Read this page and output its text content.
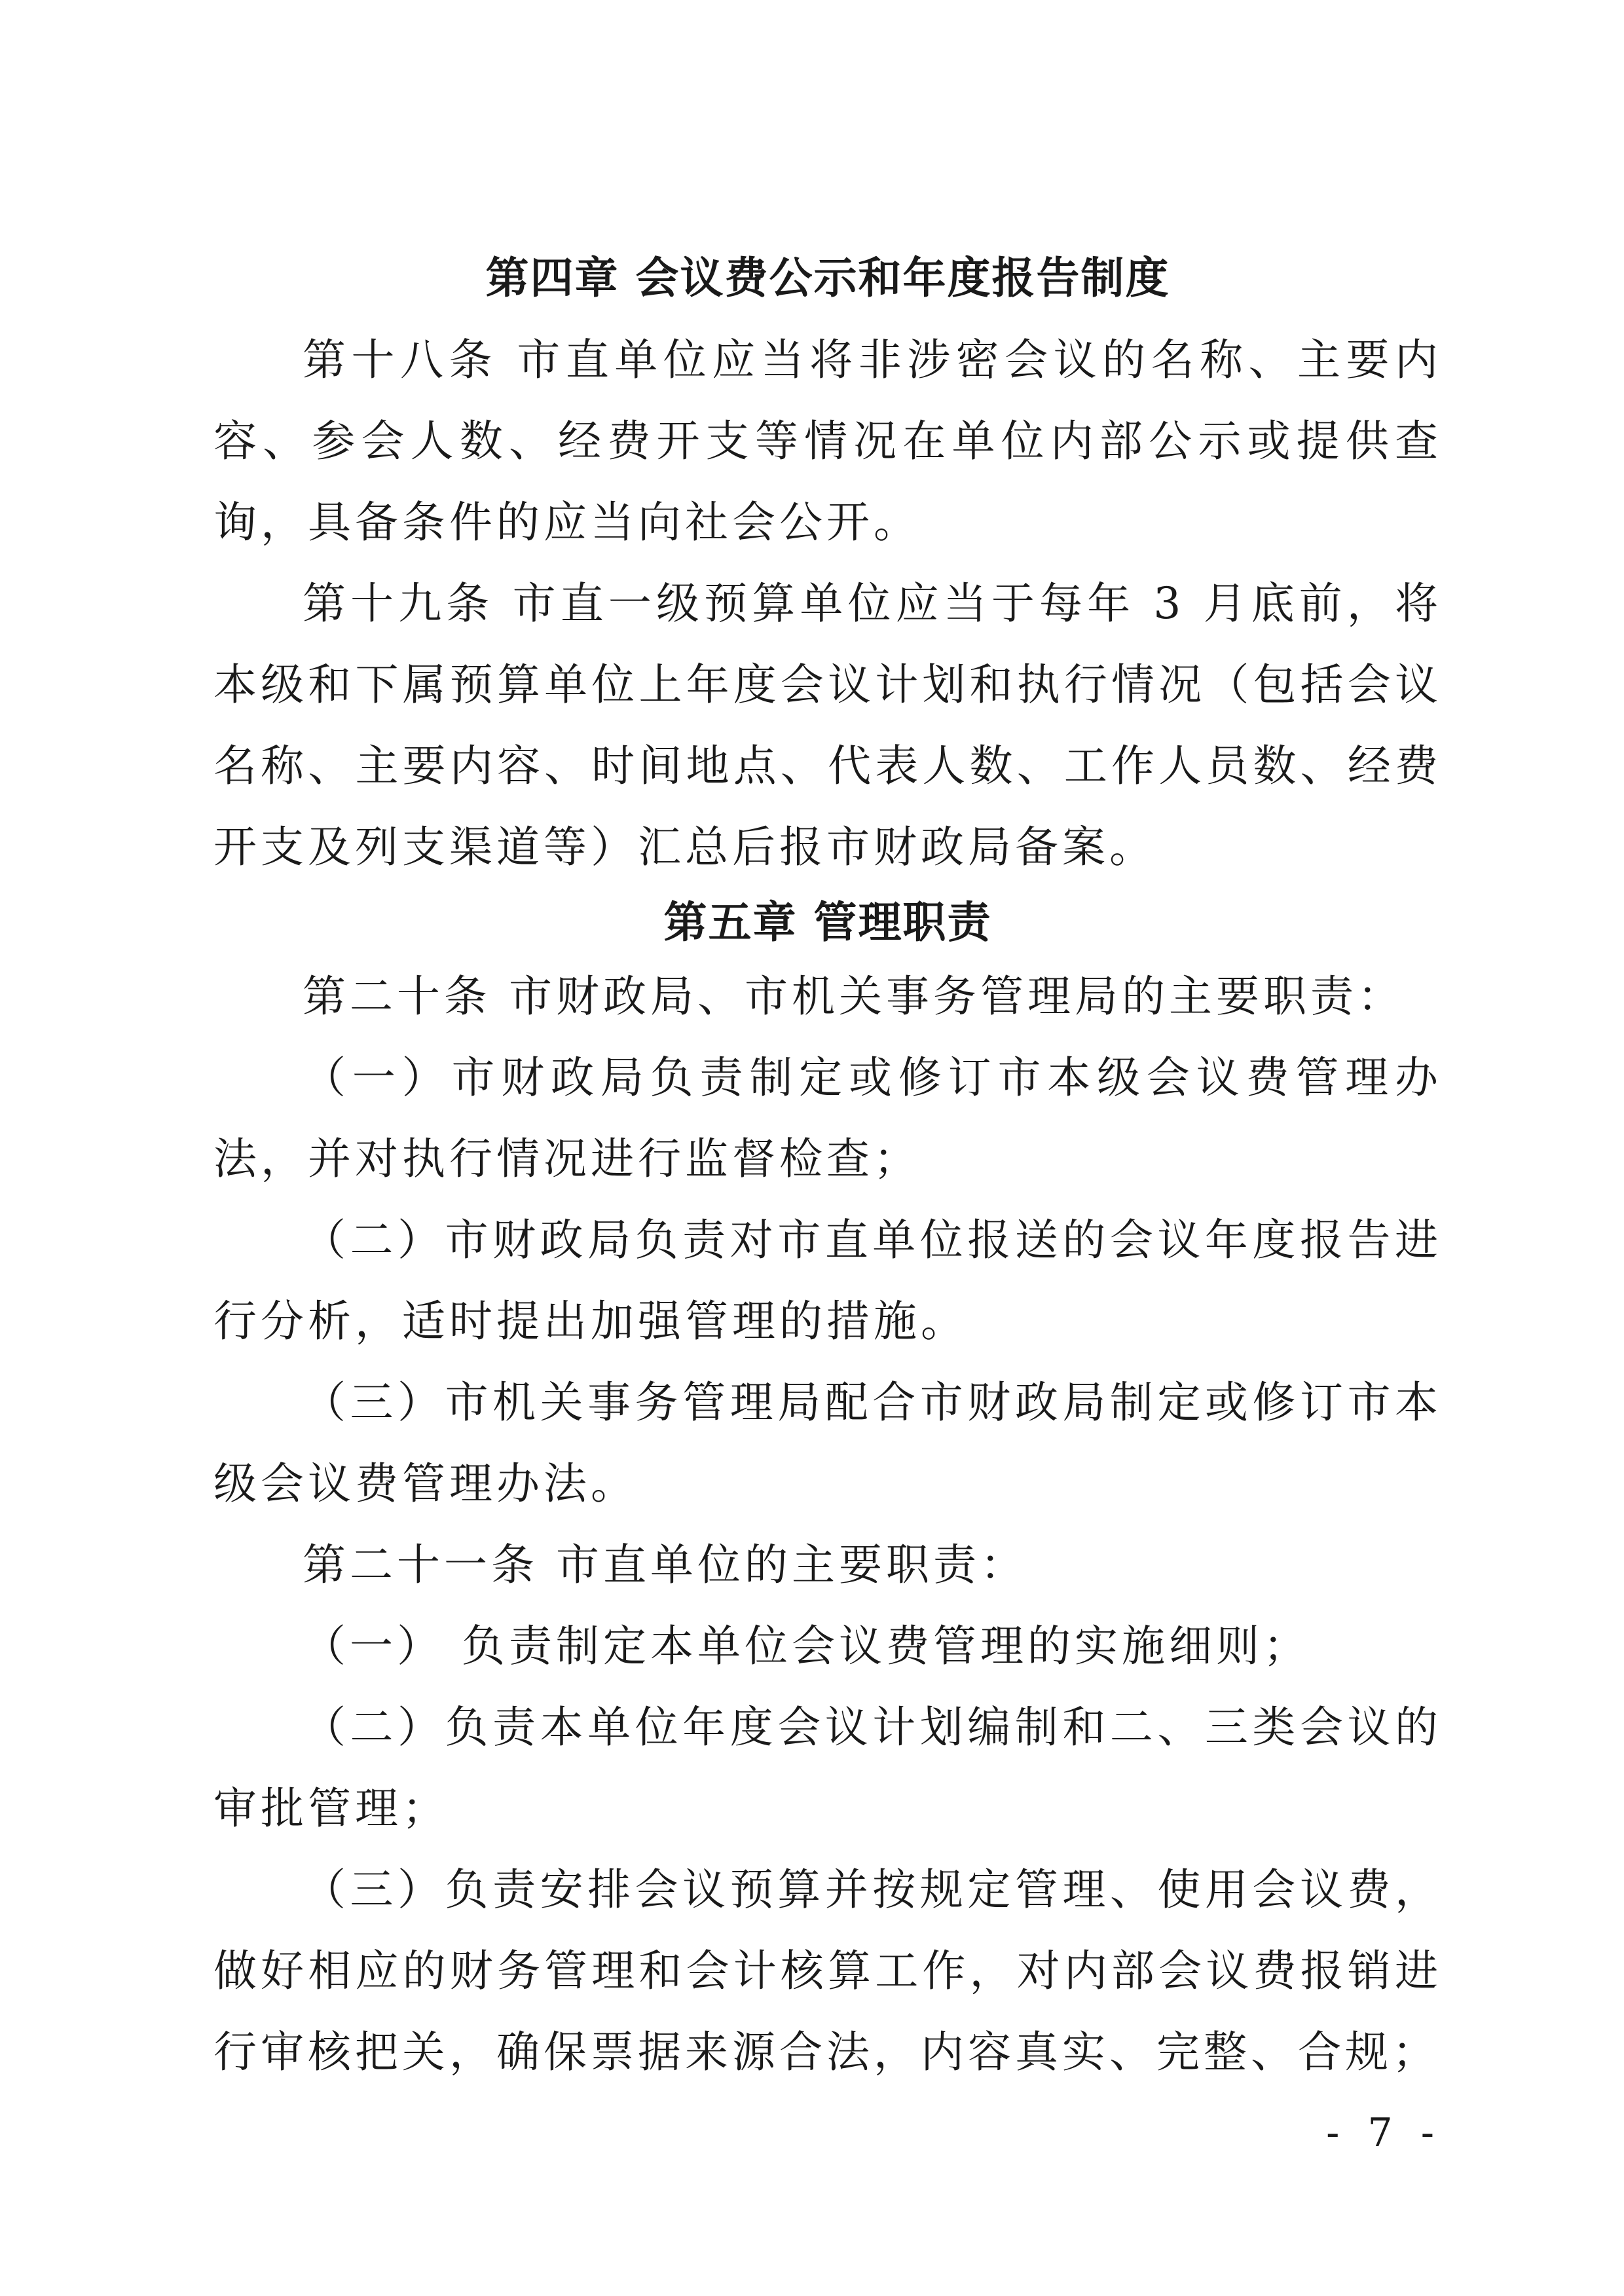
第四章 会议费公示和年度报告制度

第十八条 市直单位应当将非涉密会议的名称、主要内容、参会人数、经费开支等情况在单位内部公示或提供查询，具备条件的应当向社会公开。

第十九条 市直一级预算单位应当于每年 3 月底前，将本级和下属预算单位上年度会议计划和执行情况（包括会议名称、主要内容、时间地点、代表人数、工作人员数、经费开支及列支渠道等）汇总后报市财政局备案。

第五章 管理职责

第二十条 市财政局、市机关事务管理局的主要职责：

（一）市财政局负责制定或修订市本级会议费管理办法，并对执行情况进行监督检查；

（二）市财政局负责对市直单位报送的会议年度报告进行分析，适时提出加强管理的措施。

（三）市机关事务管理局配合市财政局制定或修订市本级会议费管理办法。

第二十一条 市直单位的主要职责：

（一） 负责制定本单位会议费管理的实施细则；

（二）负责本单位年度会议计划编制和二、三类会议的审批管理；

（三）负责安排会议预算并按规定管理、使用会议费，做好相应的财务管理和会计核算工作，对内部会议费报销进行审核把关，确保票据来源合法，内容真实、完整、合规；

- 7 -
